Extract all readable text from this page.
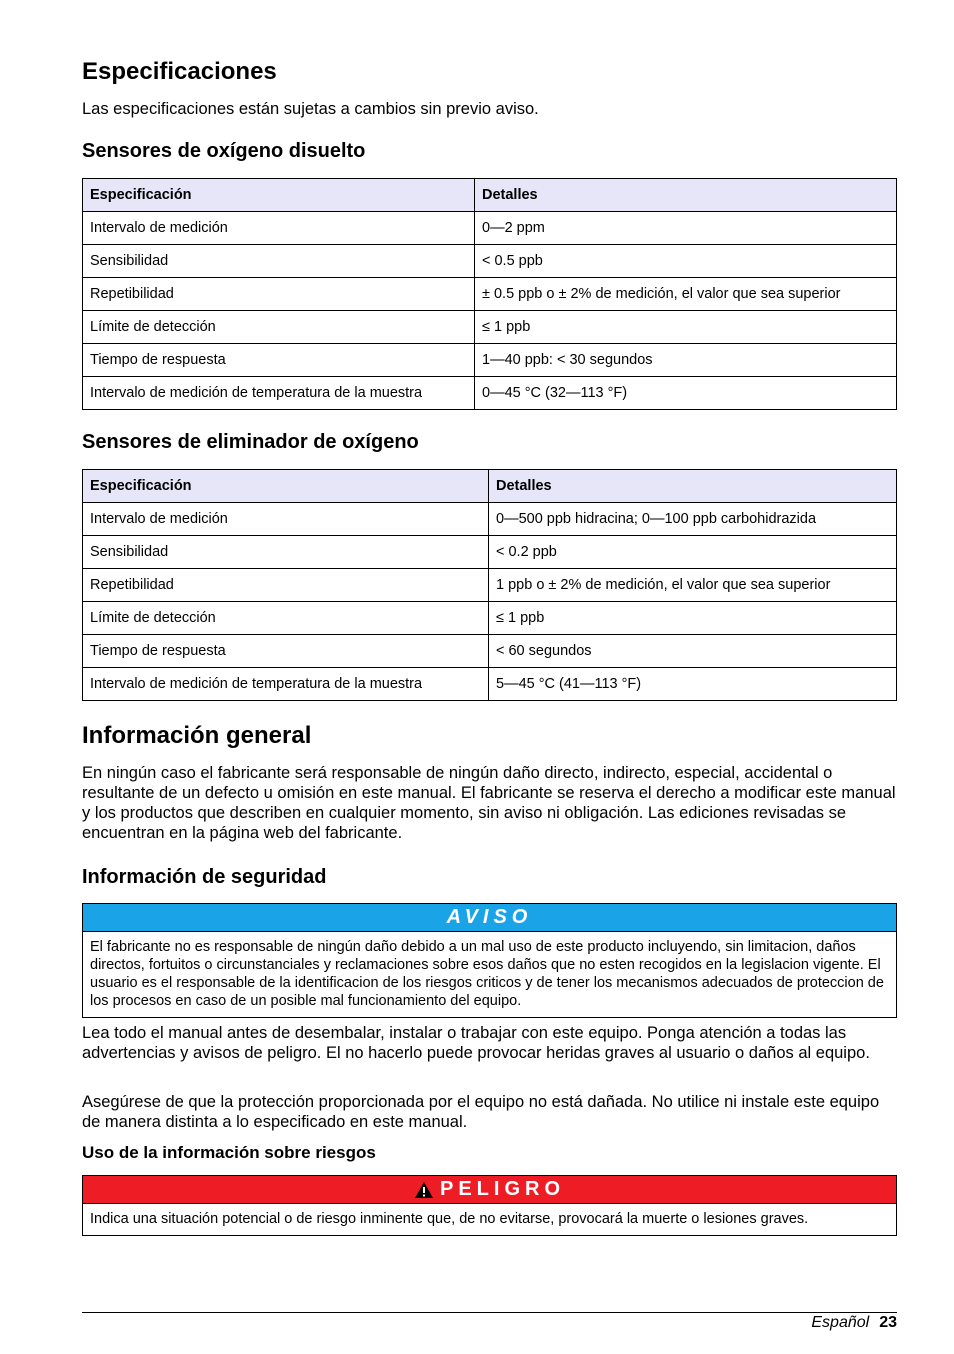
Especificaciones

Las especificaciones están sujetas a cambios sin previo aviso.

Sensores de oxígeno disuelto
Especificación	Detalles
Intervalo de medición	0—2 ppm
Sensibilidad	< 0.5 ppb
Repetibilidad	± 0.5 ppb o ± 2% de medición, el valor que sea superior
Límite de detección	≤ 1 ppb
Tiempo de respuesta	1—40 ppb: < 30 segundos
Intervalo de medición de temperatura de la muestra	0—45 °C (32—113 °F)
Sensores de eliminador de oxígeno
Especificación	Detalles
Intervalo de medición	0—500 ppb hidracina; 0—100 ppb carbohidrazida
Sensibilidad	< 0.2 ppb
Repetibilidad	1 ppb o ± 2% de medición, el valor que sea superior
Límite de detección	≤ 1 ppb
Tiempo de respuesta	< 60 segundos
Intervalo de medición de temperatura de la muestra	5—45 °C (41—113 °F)
Información general

En ningún caso el fabricante será responsable de ningún daño directo, indirecto, especial, accidental o resultante de un defecto u omisión en este manual. El fabricante se reserva el derecho a modificar este manual y los productos que describen en cualquier momento, sin aviso ni obligación. Las ediciones revisadas se encuentran en la página web del fabricante.

Información de seguridad
AVISO
El fabricante no es responsable de ningún daño debido a un mal uso de este producto incluyendo, sin limitacion, daños directos, fortuitos o circunstanciales y reclamaciones sobre esos daños que no esten recogidos en la legislacion vigente. El usuario es el responsable de la identificacion de los riesgos criticos y de tener los mecanismos adecuados de proteccion de los procesos en caso de un posible mal funcionamiento del equipo.

Lea todo el manual antes de desembalar, instalar o trabajar con este equipo. Ponga atención a todas las advertencias y avisos de peligro. El no hacerlo puede provocar heridas graves al usuario o daños al equipo.

Asegúrese de que la protección proporcionada por el equipo no está dañada. No utilice ni instale este equipo de manera distinta a lo especificado en este manual.

Uso de la información sobre riesgos
PELIGRO
Indica una situación potencial o de riesgo inminente que, de no evitarse, provocará la muerte o lesiones graves.
Español 23
